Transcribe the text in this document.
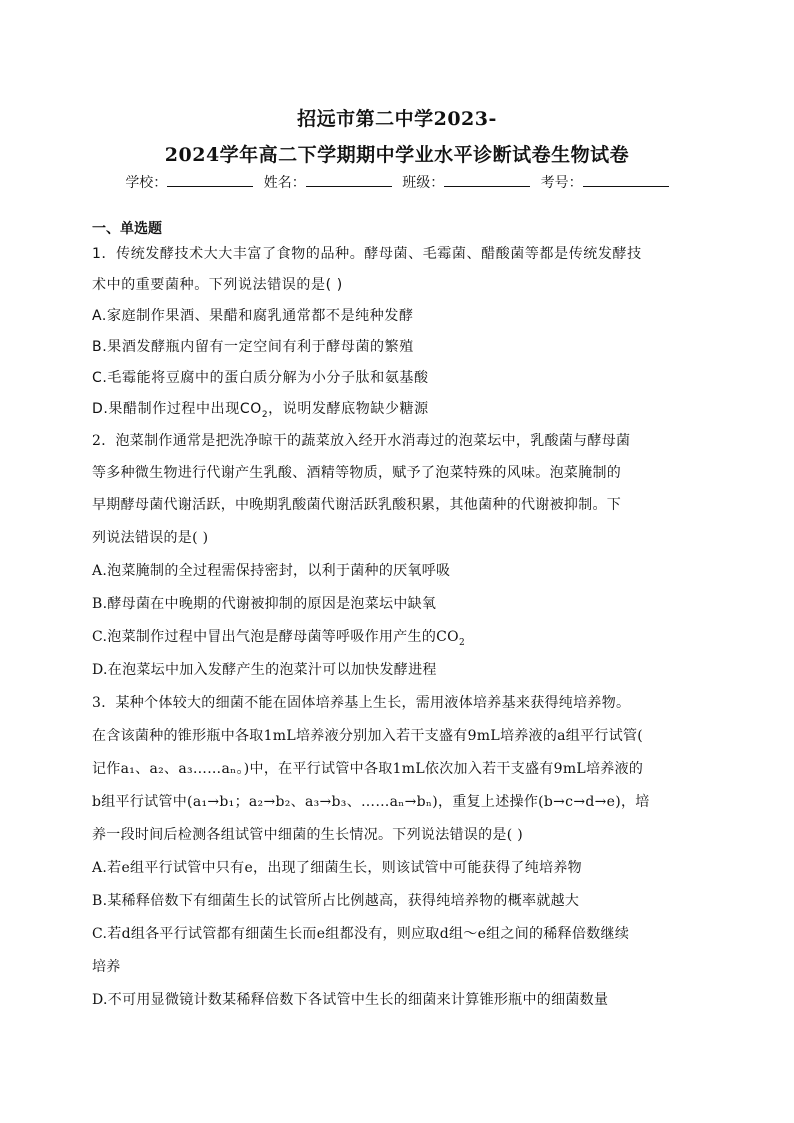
招远市第二中学2023-
2024学年高二下学期期中学业水平诊断试卷生物试卷
学校：	姓名：	班级：	考号：
一、单选题
1．传统发酵技术大大丰富了食物的品种。酵母菌、毛霉菌、醋酸菌等都是传统发酵技
术中的重要菌种。下列说法错误的是( )
A.家庭制作果酒、果醋和腐乳通常都不是纯种发酵
B.果酒发酵瓶内留有一定空间有利于酵母菌的繁殖
C.毛霉能将豆腐中的蛋白质分解为小分子肽和氨基酸
D.果醋制作过程中出现$CO_2$，说明发酵底物缺少糖源
2．泡菜制作通常是把洗净晾干的蔬菜放入经开水消毒过的泡菜坛中，乳酸菌与酵母菌
等多种微生物进行代谢产生乳酸、酒精等物质，赋予了泡菜特殊的风味。泡菜腌制的
早期酵母菌代谢活跃，中晚期乳酸菌代谢活跃乳酸积累，其他菌种的代谢被抑制。下
列说法错误的是( )
A.泡菜腌制的全过程需保持密封，以利于菌种的厌氧呼吸
B.酵母菌在中晚期的代谢被抑制的原因是泡菜坛中缺氧
C.泡菜制作过程中冒出气泡是酵母菌等呼吸作用产生的$CO_2$
D.在泡菜坛中加入发酵产生的泡菜汁可以加快发酵进程
3．某种个体较大的细菌不能在固体培养基上生长，需用液体培养基来获得纯培养物。
在含该菌种的锥形瓶中各取1mL培养液分别加入若干支盛有9mL培养液的a组平行试管(
记作a₁、a₂、a₃……aₙ。)中，在平行试管中各取1mL依次加入若干支盛有9mL培养液的
b组平行试管中(a₁→b₁；a₂→b₂、a₃→b₃、……aₙ→bₙ)，重复上述操作(b→c→d→e)，培
养一段时间后检测各组试管中细菌的生长情况。下列说法错误的是( )
A.若e组平行试管中只有e，出现了细菌生长，则该试管中可能获得了纯培养物
B.某稀释倍数下有细菌生长的试管所占比例越高，获得纯培养物的概率就越大
C.若d组各平行试管都有细菌生长而e组都没有，则应取d组～e组之间的稀释倍数继续
培养
D.不可用显微镜计数某稀释倍数下各试管中生长的细菌来计算锥形瓶中的细菌数量
